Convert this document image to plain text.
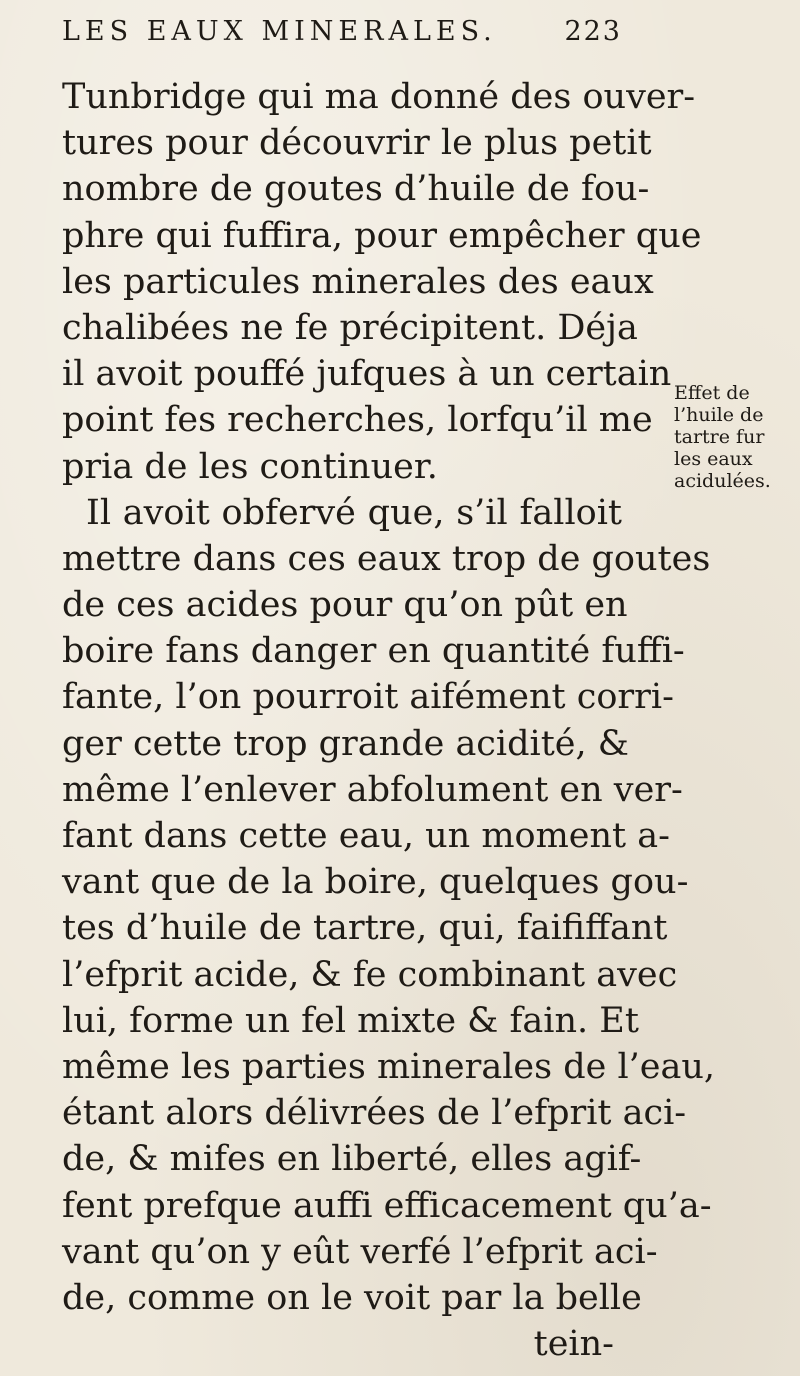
LES EAUX MINERALES.	223
Tunbridge qui ma donné des ouver-
tures pour découvrir le plus petit
nombre de goutes d’huile de fou-
phre qui fuffira, pour empêcher que
les particules minerales des eaux
chalibées ne fe précipitent. Déja
il avoit pouffé jufques à un certain
point fes recherches, lorfqu’il me
pria de les continuer.
Il avoit obfervé que, s’il falloit
mettre dans ces eaux trop de goutes
de ces acides pour qu’on pût en
boire fans danger en quantité fuffi-
fante, l’on pourroit aifément corri-
ger cette trop grande acidité, &
même l’enlever abfolument en ver-
fant dans cette eau, un moment a-
vant que de la boire, quelques gou-
tes d’huile de tartre, qui, faififfant
l’efprit acide, & fe combinant avec
lui, forme un fel mixte & fain. Et
même les parties minerales de l’eau,
étant alors délivrées de l’efprit aci-
de, & mifes en liberté, elles agif-
fent prefque auffi efficacement qu’a-
vant qu’on y eût verfé l’efprit aci-
de, comme on le voit par la belle
tein-
Effet de
l’huile de
tartre fur
les eaux
acidulées.
